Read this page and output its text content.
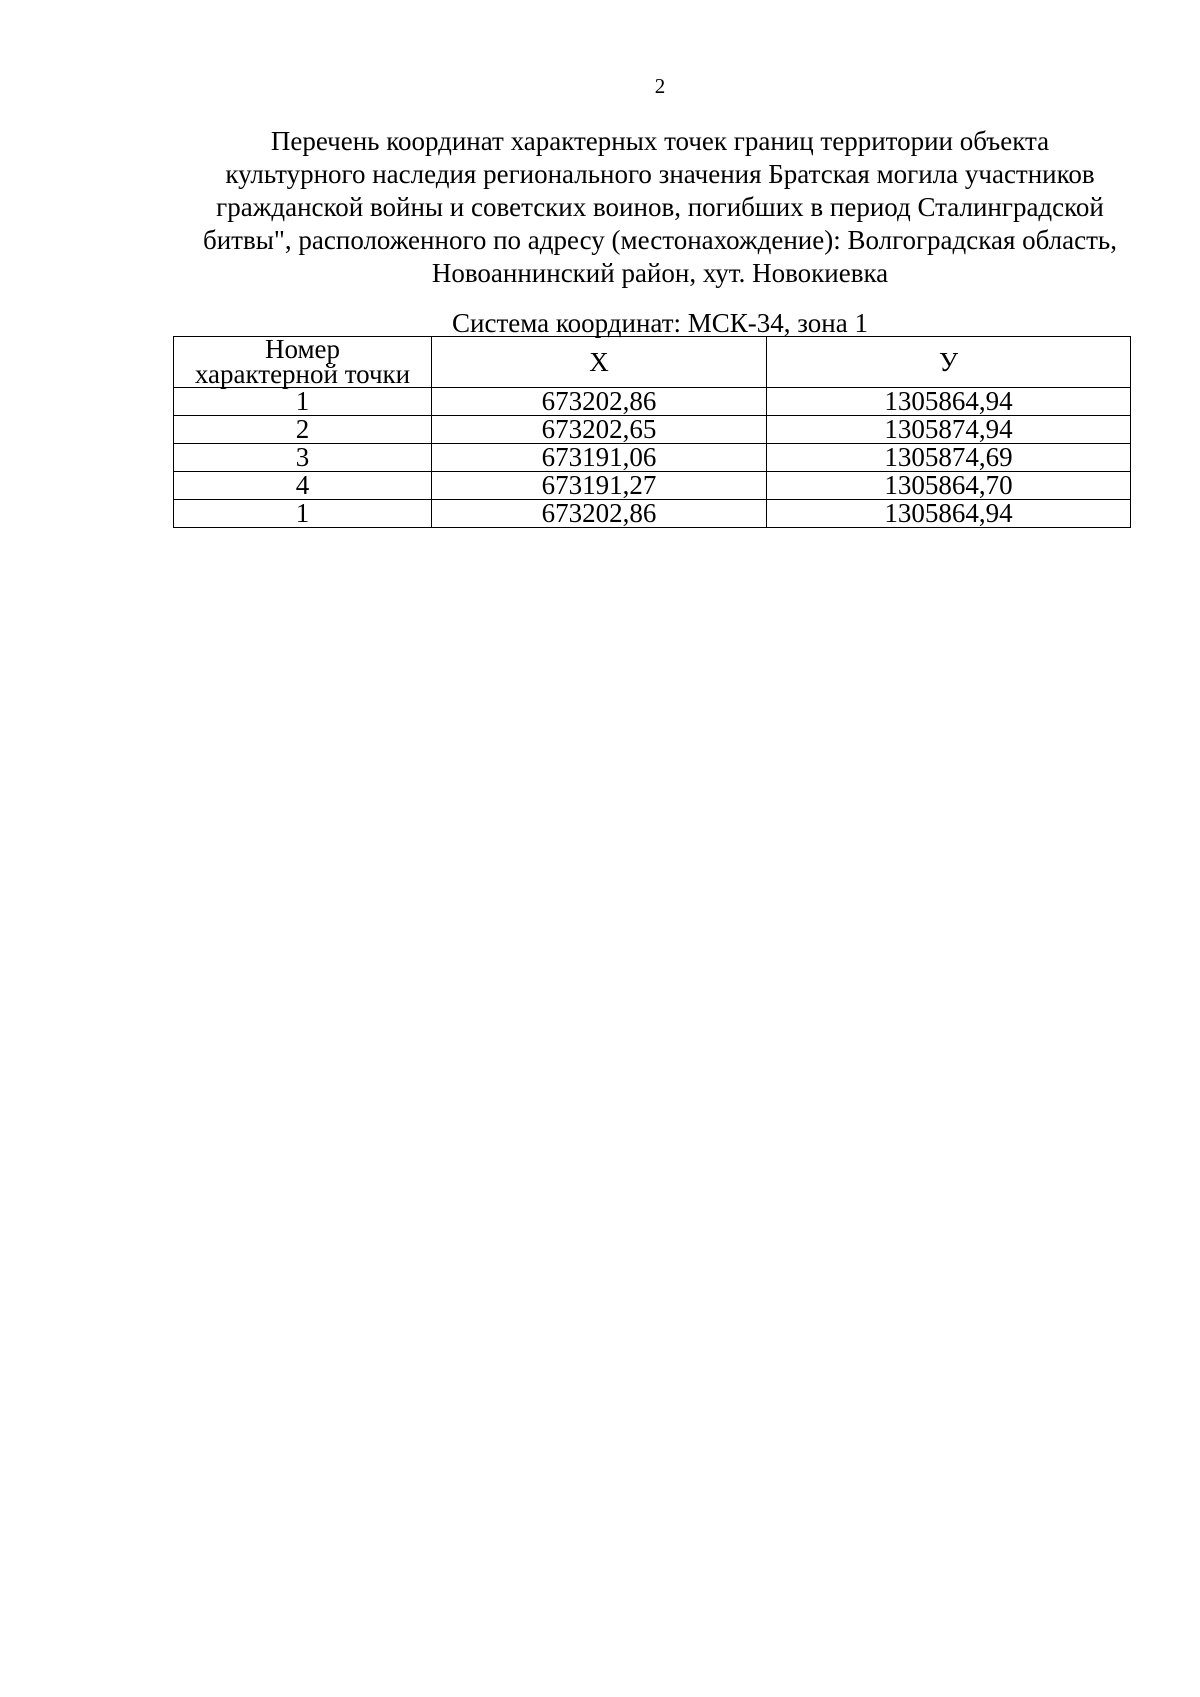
2
Перечень координат характерных точек границ территории объекта
культурного наследия регионального значения Братская могила участников
гражданской войны и советских воинов, погибших в период Сталинградской
битвы", расположенного по адресу (местонахождение): Волгоградская область,
Новоаннинский район, хут. Новокиевка
Система координат: МСК-34, зона 1
Номер
характерной точки	X	У
1	673202,86	1305864,94
2	673202,65	1305874,94
3	673191,06	1305874,69
4	673191,27	1305864,70
1	673202,86	1305864,94
